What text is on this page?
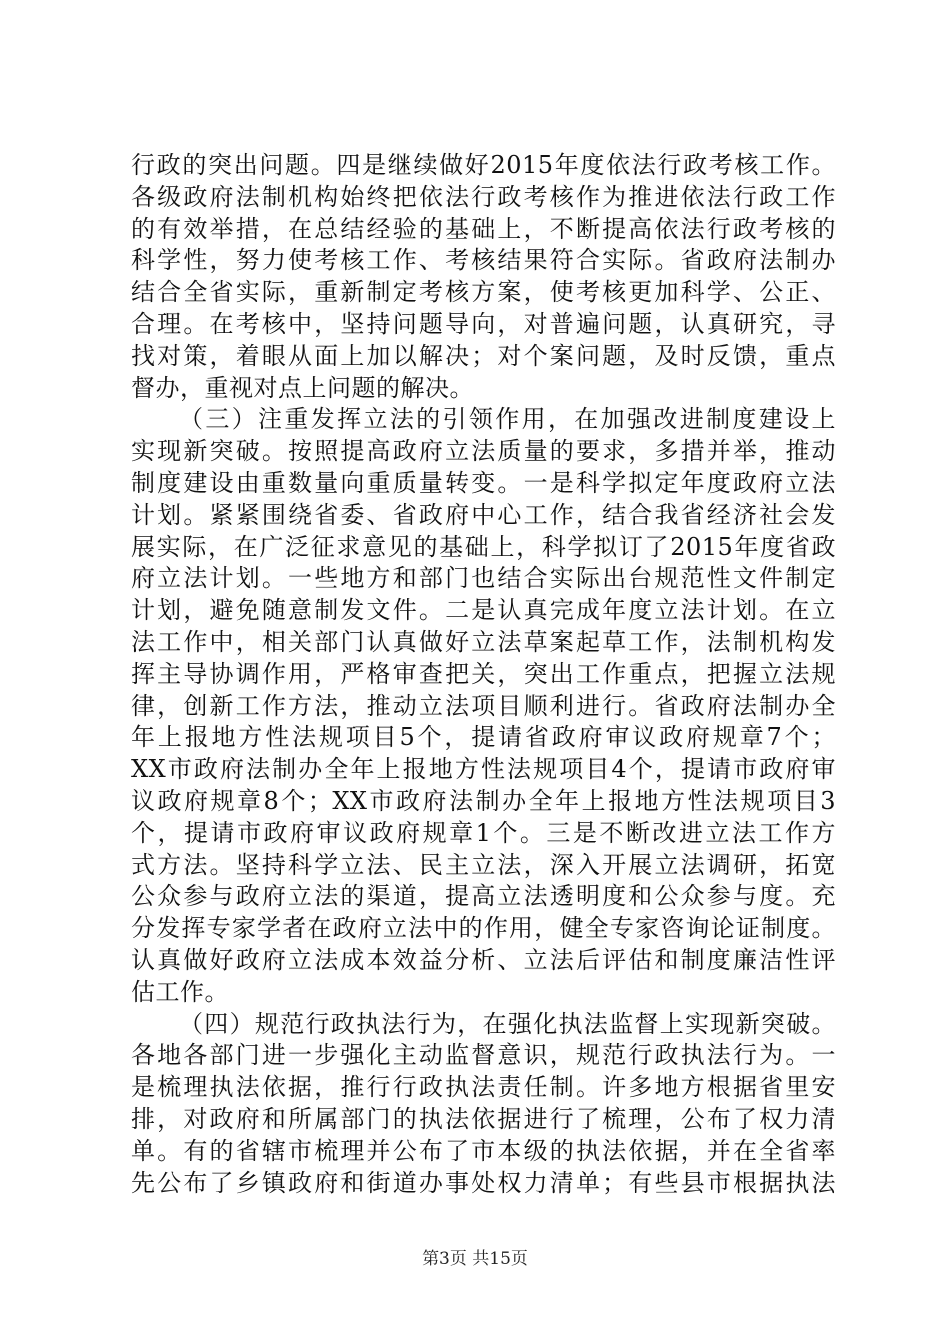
行政的突出问题。四是继续做好2015年度依法行政考核工作。
各级政府法制机构始终把依法行政考核作为推进依法行政工作
的有效举措，在总结经验的基础上，不断提高依法行政考核的
科学性，努力使考核工作、考核结果符合实际。省政府法制办
结合全省实际，重新制定考核方案，使考核更加科学、公正、
合理。在考核中，坚持问题导向，对普遍问题，认真研究，寻
找对策，着眼从面上加以解决；对个案问题，及时反馈，重点
督办，重视对点上问题的解决。
（三）注重发挥立法的引领作用，在加强改进制度建设上
实现新突破。按照提高政府立法质量的要求，多措并举，推动
制度建设由重数量向重质量转变。一是科学拟定年度政府立法
计划。紧紧围绕省委、省政府中心工作，结合我省经济社会发
展实际，在广泛征求意见的基础上，科学拟订了2015年度省政
府立法计划。一些地方和部门也结合实际出台规范性文件制定
计划，避免随意制发文件。二是认真完成年度立法计划。在立
法工作中，相关部门认真做好立法草案起草工作，法制机构发
挥主导协调作用，严格审查把关，突出工作重点，把握立法规
律，创新工作方法，推动立法项目顺利进行。省政府法制办全
年上报地方性法规项目5个，提请省政府审议政府规章7个；
XX市政府法制办全年上报地方性法规项目4个，提请市政府审
议政府规章8个；XX市政府法制办全年上报地方性法规项目3
个，提请市政府审议政府规章1个。三是不断改进立法工作方
式方法。坚持科学立法、民主立法，深入开展立法调研，拓宽
公众参与政府立法的渠道，提高立法透明度和公众参与度。充
分发挥专家学者在政府立法中的作用，健全专家咨询论证制度。
认真做好政府立法成本效益分析、立法后评估和制度廉洁性评
估工作。
（四）规范行政执法行为，在强化执法监督上实现新突破。
各地各部门进一步强化主动监督意识，规范行政执法行为。一
是梳理执法依据，推行行政执法责任制。许多地方根据省里安
排，对政府和所属部门的执法依据进行了梳理，公布了权力清
单。有的省辖市梳理并公布了市本级的执法依据，并在全省率
先公布了乡镇政府和街道办事处权力清单；有些县市根据执法
第3页 共15页
